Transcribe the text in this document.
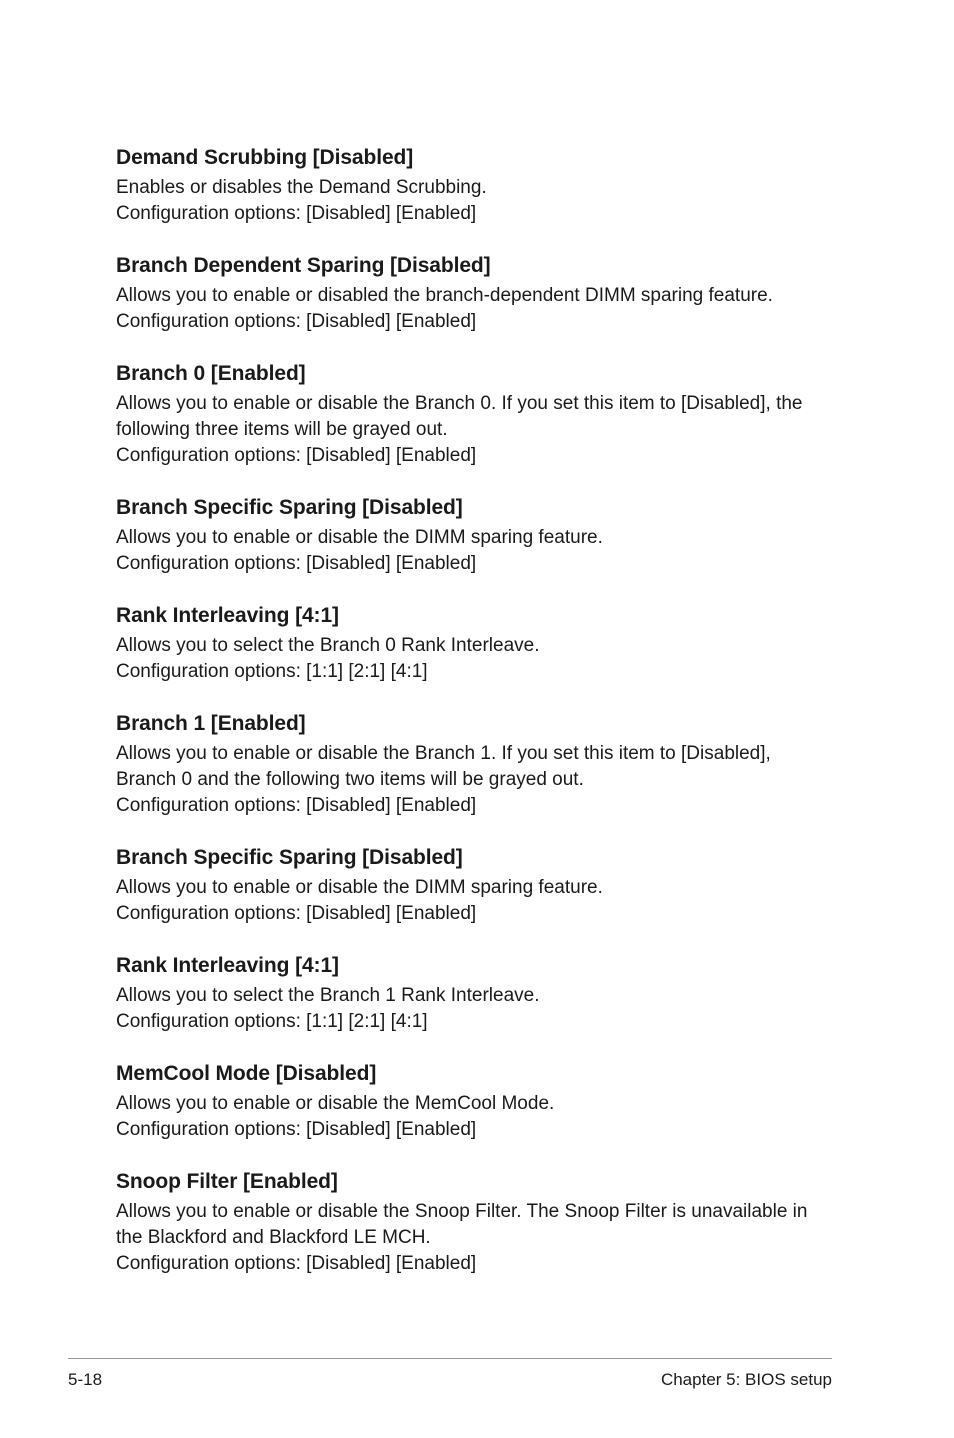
Demand Scrubbing [Disabled]
Enables or disables the Demand Scrubbing.
Configuration options: [Disabled] [Enabled]
Branch Dependent Sparing [Disabled]
Allows you to enable or disabled the branch-dependent DIMM sparing feature.
Configuration options: [Disabled] [Enabled]
Branch 0 [Enabled]
Allows you to enable or disable the Branch 0. If you set this item to [Disabled], the
following three items will be grayed out.
Configuration options: [Disabled] [Enabled]
Branch Specific Sparing [Disabled]
Allows you to enable or disable the DIMM sparing feature.
Configuration options: [Disabled] [Enabled]
Rank Interleaving [4:1]
Allows you to select the Branch 0 Rank Interleave.
Configuration options: [1:1] [2:1] [4:1]
Branch 1 [Enabled]
Allows you to enable or disable the Branch 1. If you set this item to [Disabled],
Branch 0 and the following two items will be grayed out.
Configuration options: [Disabled] [Enabled]
Branch Specific Sparing [Disabled]
Allows you to enable or disable the DIMM sparing feature.
Configuration options: [Disabled] [Enabled]
Rank Interleaving [4:1]
Allows you to select the Branch 1 Rank Interleave.
Configuration options: [1:1] [2:1] [4:1]
MemCool Mode [Disabled]
Allows you to enable or disable the MemCool Mode.
Configuration options: [Disabled] [Enabled]
Snoop Filter [Enabled]
Allows you to enable or disable the Snoop Filter. The Snoop Filter is unavailable in
the Blackford and Blackford LE MCH.
Configuration options: [Disabled] [Enabled]
5-18	Chapter 5: BIOS setup
